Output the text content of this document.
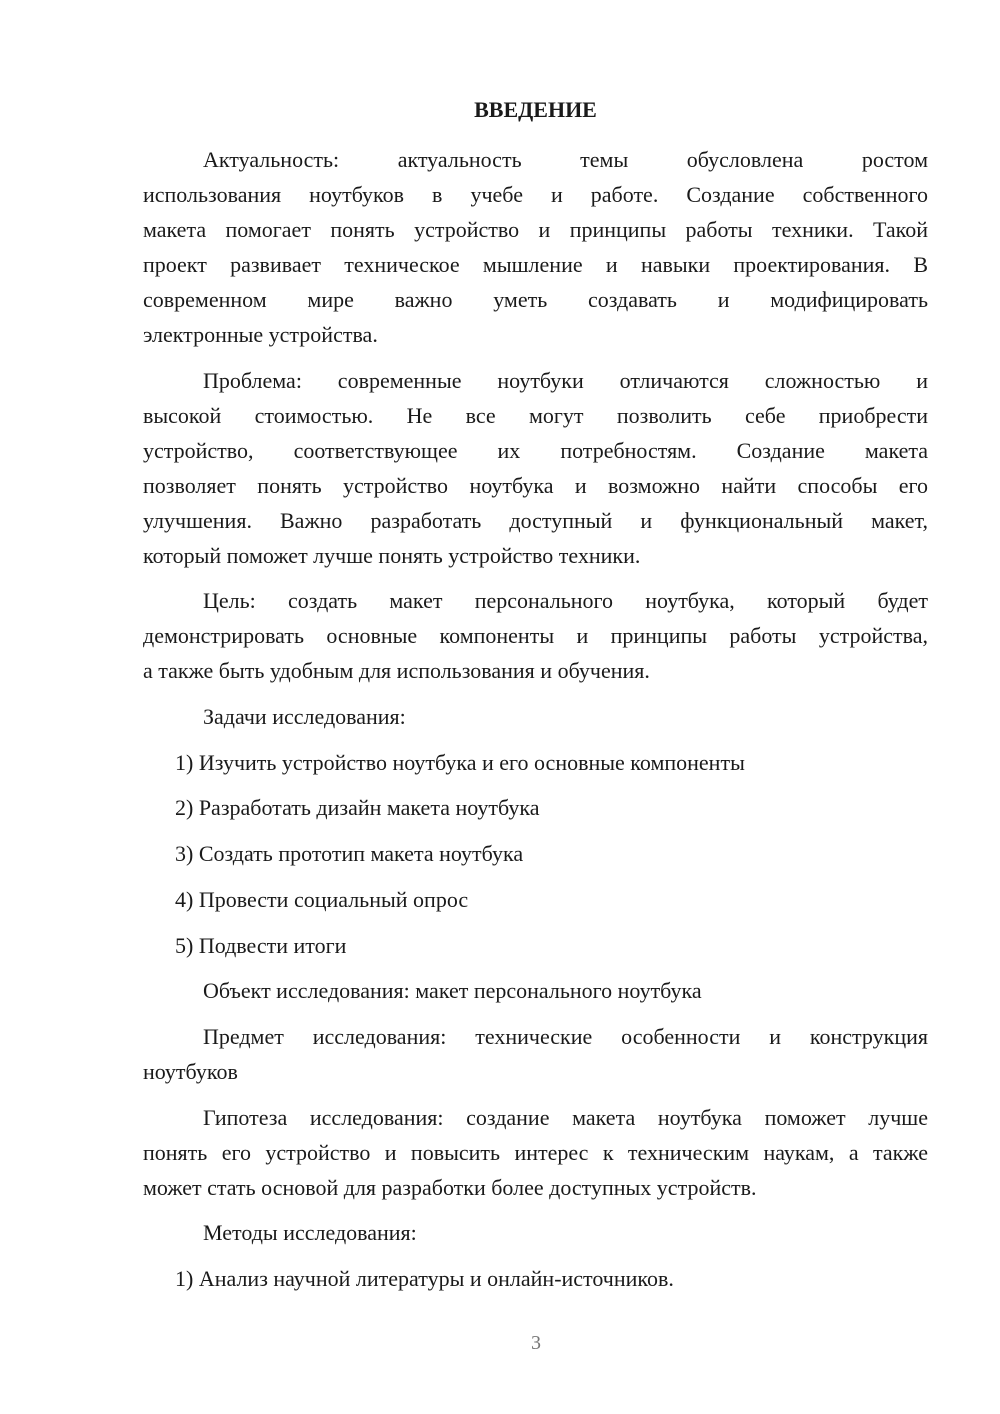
ВВЕДЕНИЕ
Актуальность: актуальность темы обусловлена ростом
использования ноутбуков в учебе и работе. Создание собственного
макета помогает понять устройство и принципы работы техники. Такой
проект развивает техническое мышление и навыки проектирования. В
современном мире важно уметь создавать и модифицировать
электронные устройства.
Проблема: современные ноутбуки отличаются сложностью и
высокой стоимостью. Не все могут позволить себе приобрести
устройство, соответствующее их потребностям. Создание макета
позволяет понять устройство ноутбука и возможно найти способы его
улучшения. Важно разработать доступный и функциональный макет,
который поможет лучше понять устройство техники.
Цель: создать макет персонального ноутбука, который будет
демонстрировать основные компоненты и принципы работы устройства,
а также быть удобным для использования и обучения.
Задачи исследования:
1) Изучить устройство ноутбука и его основные компоненты
2) Разработать дизайн макета ноутбука
3) Создать прототип макета ноутбука
4) Провести социальный опрос
5) Подвести итоги
Объект исследования: макет персонального ноутбука
Предмет исследования: технические особенности и конструкция
ноутбуков
Гипотеза исследования: создание макета ноутбука поможет лучше
понять его устройство и повысить интерес к техническим наукам, а также
может стать основой для разработки более доступных устройств.
Методы исследования:
1) Анализ научной литературы и онлайн-источников.
3
